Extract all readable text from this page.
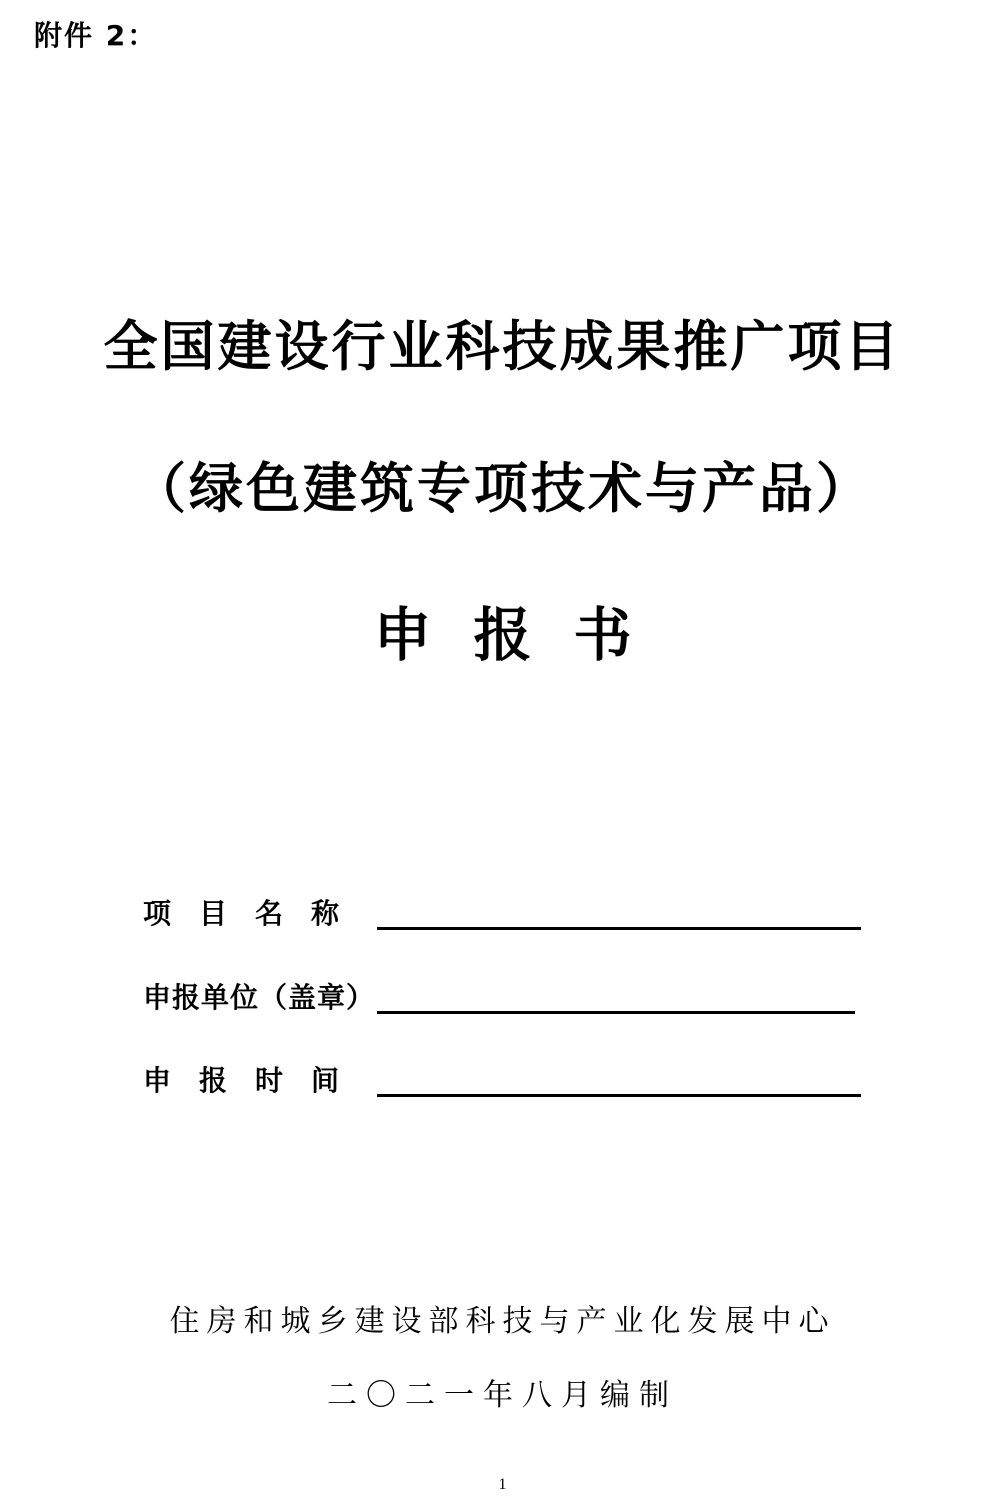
附件 2：
全国建设行业科技成果推广项目
（绿色建筑专项技术与产品）
申报书
项目名称
申报单位（盖章）
申报时间
住房和城乡建设部科技与产业化发展中心
二〇二一年八月编制
1
